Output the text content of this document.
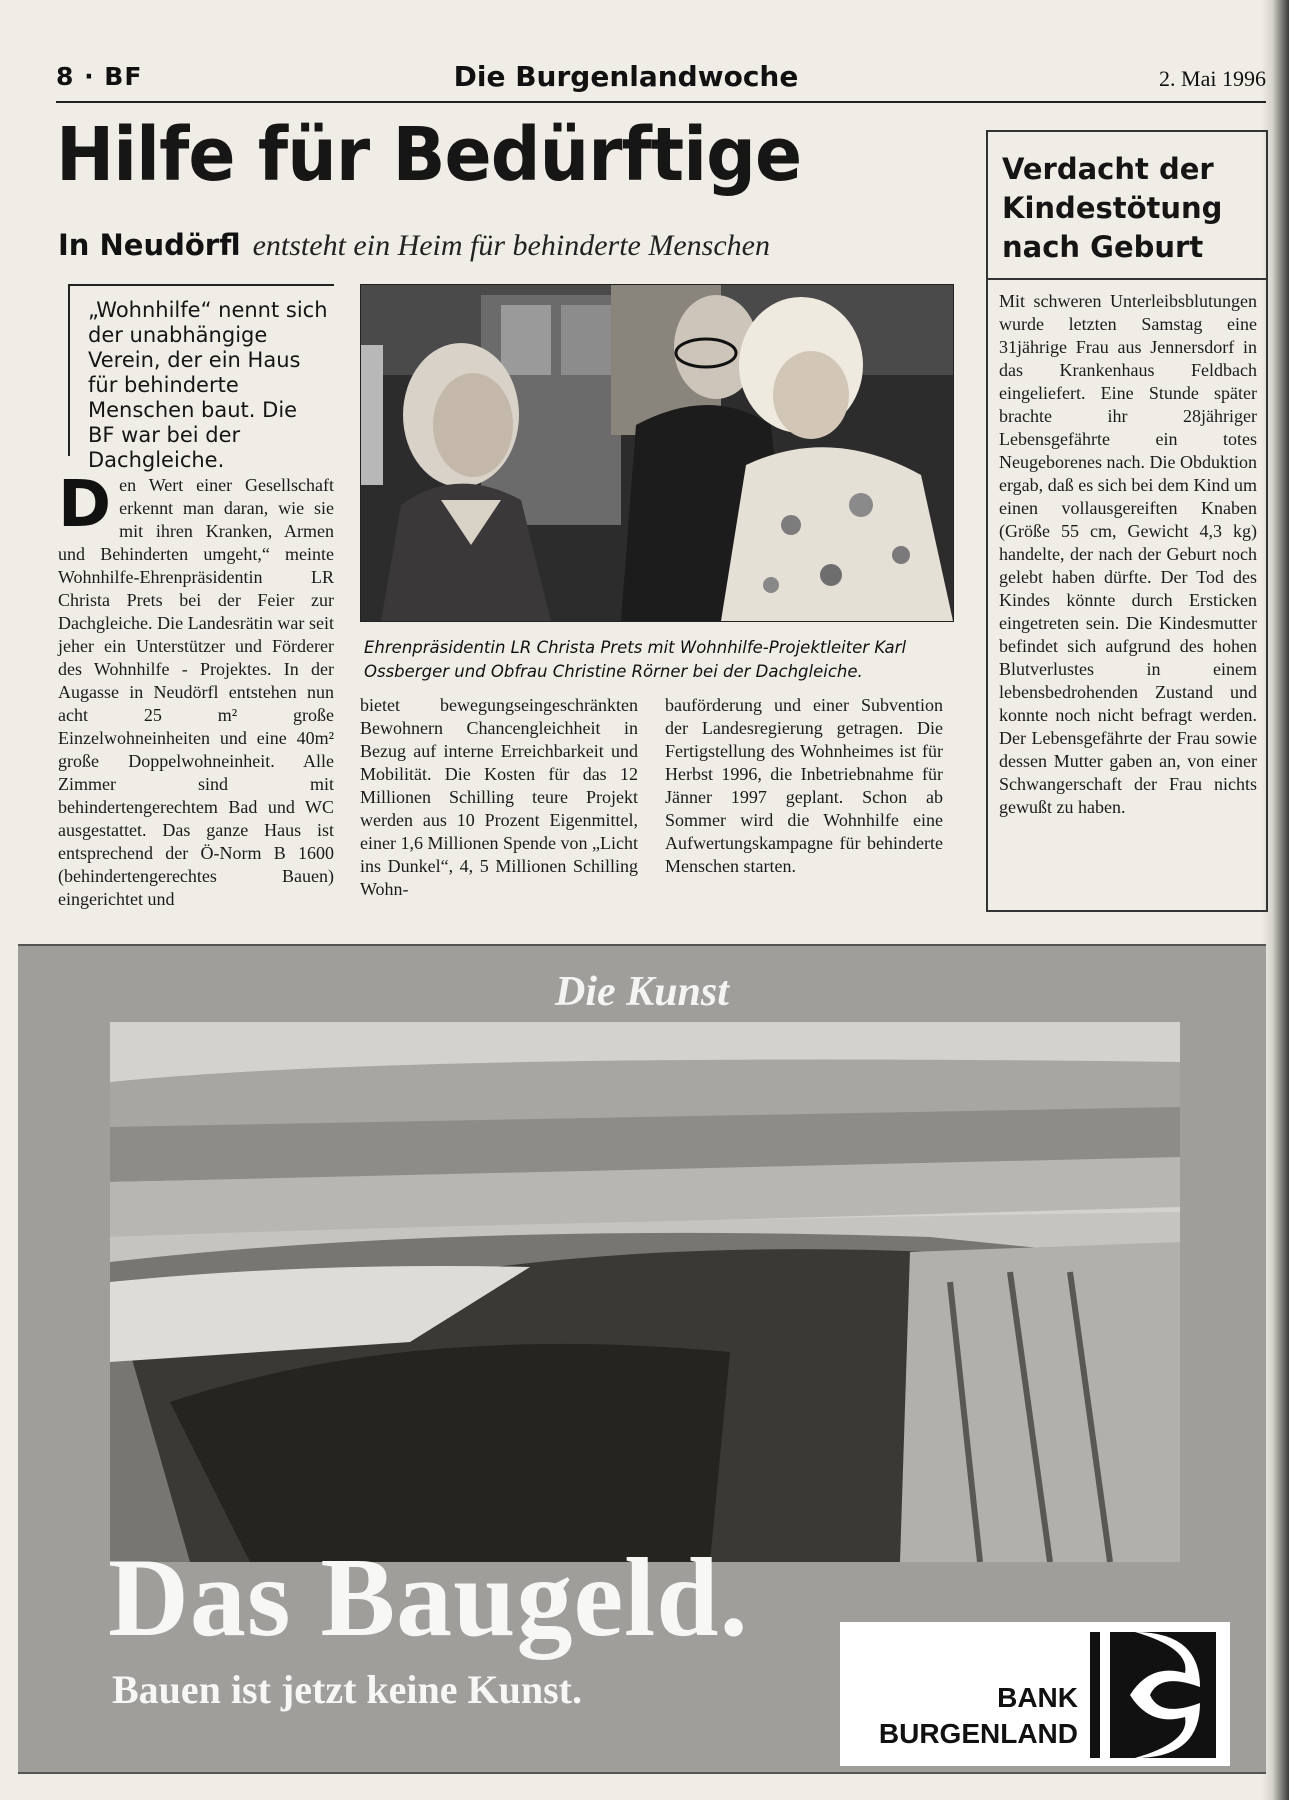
8 · BF	Die Burgenlandwoche	2. Mai 1996
Hilfe für Bedürftige
In Neudörfl entsteht ein Heim für behinderte Menschen
„Wohnhilfe“ nennt sich der unabhängige Verein, der ein Haus für behinderte Menschen baut. Die BF war bei der Dachgleiche.
Den Wert einer Gesellschaft erkennt man daran, wie sie mit ihren Kranken, Armen und Behinderten umgeht,“ meinte Wohnhilfe-Ehrenpräsidentin LR Christa Prets bei der Feier zur Dachgleiche. Die Landesrätin war seit jeher ein Unterstützer und Förderer des Wohnhilfe - Projektes. In der Augasse in Neudörfl entstehen nun acht 25 m² große Einzelwohneinheiten und eine 40m² große Doppelwohneinheit. Alle Zimmer sind mit behindertengerechtem Bad und WC ausgestattet. Das ganze Haus ist entsprechend der Ö-Norm B 1600 (behindertengerechtes Bauen) eingerichtet und
Ehrenpräsidentin LR Christa Prets mit Wohnhilfe-Projektleiter Karl Ossberger und Obfrau Christine Rörner bei der Dachgleiche.
bietet bewegungseingeschränkten Bewohnern Chancengleichheit in Bezug auf interne Erreichbarkeit und Mobilität. Die Kosten für das 12 Millionen Schilling teure Projekt werden aus 10 Prozent Eigenmittel, einer 1,6 Millionen Spende von „Licht ins Dunkel“, 4, 5 Millionen Schilling Wohn-
bauförderung und einer Subvention der Landesregierung getragen. Die Fertigstellung des Wohnheimes ist für Herbst 1996, die Inbetriebnahme für Jänner 1997 geplant. Schon ab Sommer wird die Wohnhilfe eine Aufwertungskampagne für behinderte Menschen starten.
Verdacht der Kindestötung nach Geburt
Mit schweren Unterleibsblutungen wurde letzten Samstag eine 31jährige Frau aus Jennersdorf in das Krankenhaus Feldbach eingeliefert. Eine Stunde später brachte ihr 28jähriger Lebensgefährte ein totes Neugeborenes nach. Die Obduktion ergab, daß es sich bei dem Kind um einen vollausgereiften Knaben (Größe 55 cm, Gewicht 4,3 kg) handelte, der nach der Geburt noch gelebt haben dürfte. Der Tod des Kindes könnte durch Ersticken eingetreten sein. Die Kindesmutter befindet sich aufgrund des hohen Blutverlustes in einem lebensbedrohenden Zustand und konnte noch nicht befragt werden. Der Lebensgefährte der Frau sowie dessen Mutter gaben an, von einer Schwangerschaft der Frau nichts gewußt zu haben.
Die Kunst
Das Baugeld.
Bauen ist jetzt keine Kunst.	BANK
BURGENLAND
